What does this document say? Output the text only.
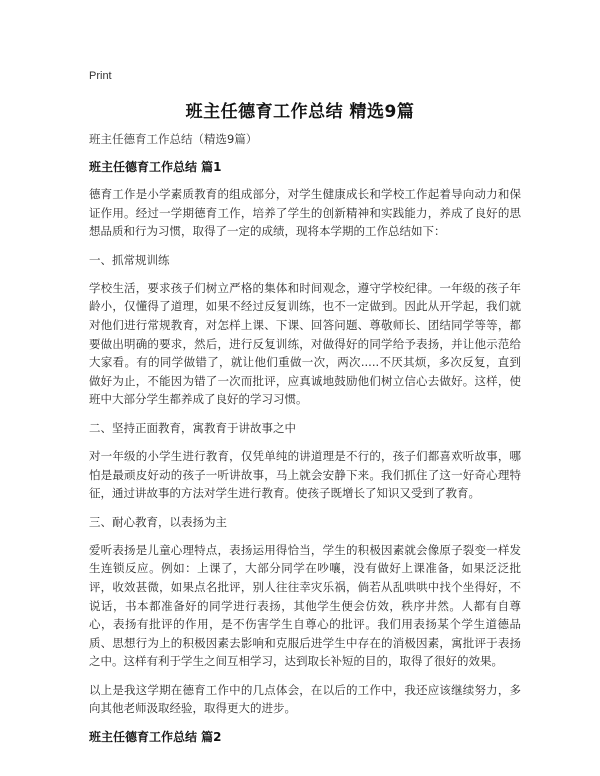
Print
班主任德育工作总结 精选9篇

班主任德育工作总结（精选9篇）

班主任德育工作总结 篇1

德育工作是小学素质教育的组成部分，对学生健康成长和学校工作起着导向动力和保证作用。经过一学期德育工作，培养了学生的创新精神和实践能力，养成了良好的思想品质和行为习惯，取得了一定的成绩，现将本学期的工作总结如下：

一、抓常规训练

学校生活，要求孩子们树立严格的集体和时间观念，遵守学校纪律。一年级的孩子年龄小，仅懂得了道理，如果不经过反复训练，也不一定做到。因此从开学起，我们就对他们进行常规教育，对怎样上课、下课、回答问题、尊敬师长、团结同学等等，都要做出明确的要求，然后，进行反复训练，对做得好的同学给予表扬，并让他示范给大家看。有的同学做错了，就让他们重做一次，两次.....不厌其烦，多次反复，直到做好为止，不能因为错了一次而批评，应真诚地鼓励他们树立信心去做好。这样，使班中大部分学生都养成了良好的学习习惯。

二、坚持正面教育，寓教育于讲故事之中

对一年级的小学生进行教育，仅凭单纯的讲道理是不行的，孩子们都喜欢听故事，哪怕是最顽皮好动的孩子一听讲故事，马上就会安静下来。我们抓住了这一好奇心理特征，通过讲故事的方法对学生进行教育。使孩子既增长了知识又受到了教育。

三、耐心教育，以表扬为主

爱听表扬是儿童心理特点，表扬运用得恰当，学生的积极因素就会像原子裂变一样发生连锁反应。例如：上课了，大部分同学在吵嚷，没有做好上课准备，如果泛泛批评，收效甚微，如果点名批评，别人往往幸灾乐祸，倘若从乱哄哄中找个坐得好，不说话，书本都准备好的同学进行表扬，其他学生便会仿效，秩序井然。人都有自尊心，表扬有批评的作用，是不伤害学生自尊心的批评。我们用表扬某个学生道德品质、思想行为上的积极因素去影响和克服后进学生中存在的消极因素，寓批评于表扬之中。这样有利于学生之间互相学习，达到取长补短的目的，取得了很好的效果。

以上是我这学期在德育工作中的几点体会，在以后的工作中，我还应该继续努力，多向其他老师汲取经验，取得更大的进步。

班主任德育工作总结 篇2
